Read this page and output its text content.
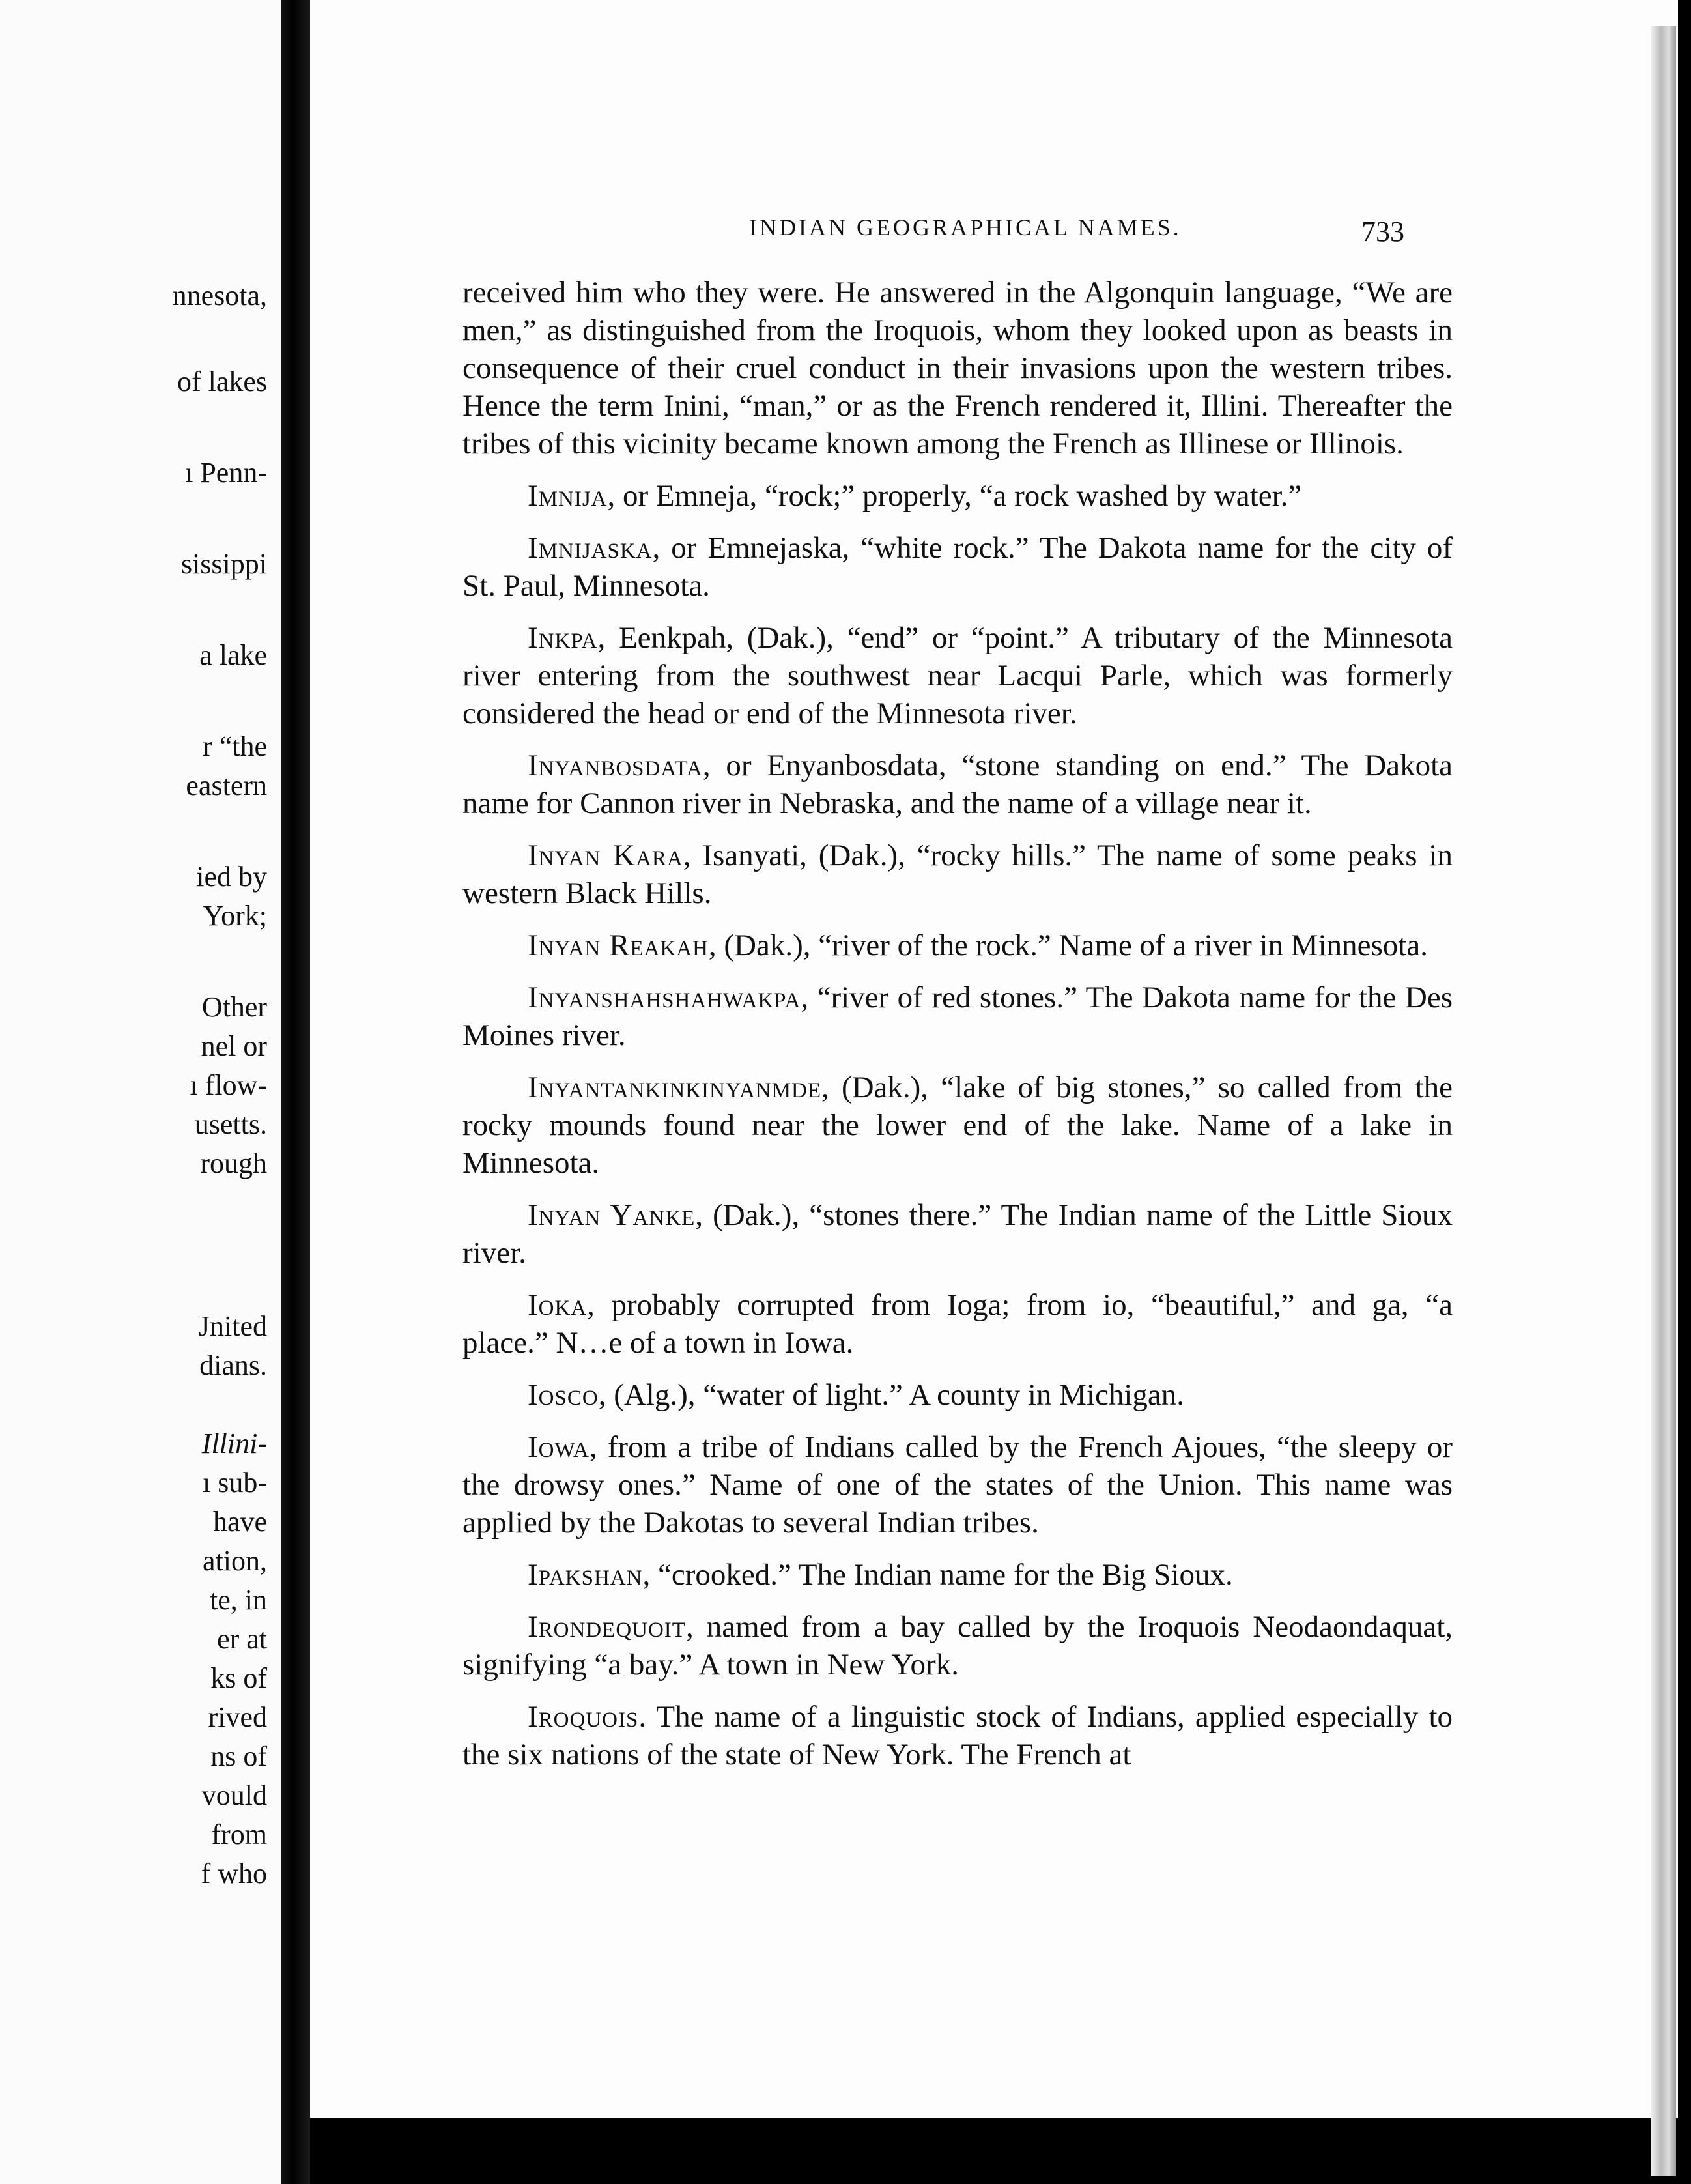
nnesota,
of lakes
ı Penn-
sissippi
a lake
r “the
eastern
ied by
York;
Other
nel or
ı flow-
usetts.
rough
Jnited
dians.
Illini-
ı sub-
have
ation,
te, in
er at
ks of
rived
ns of
vould
from
f who
INDIAN GEOGRAPHICAL NAMES.	733

received him who they were. He answered in the Algonquin language, “We are men,” as distinguished from the Iroquois, whom they looked upon as beasts in consequence of their cruel conduct in their invasions upon the western tribes. Hence the term Inini, “man,” or as the French rendered it, Illini. Thereafter the tribes of this vicinity became known among the French as Illinese or Illinois.

Imnija, or Emneja, “rock;” properly, “a rock washed by water.”

Imnijaska, or Emnejaska, “white rock.” The Dakota name for the city of St. Paul, Minnesota.

Inkpa, Eenkpah, (Dak.), “end” or “point.” A tributary of the Minnesota river entering from the southwest near Lacqui Parle, which was formerly considered the head or end of the Minnesota river.

Inyanbosdata, or Enyanbosdata, “stone standing on end.” The Dakota name for Cannon river in Nebraska, and the name of a village near it.

Inyan Kara, Isanyati, (Dak.), “rocky hills.” The name of some peaks in western Black Hills.

Inyan Reakah, (Dak.), “river of the rock.” Name of a river in Minnesota.

Inyanshahshahwakpa, “river of red stones.” The Dakota name for the Des Moines river.

Inyantankinkinyanmde, (Dak.), “lake of big stones,” so called from the rocky mounds found near the lower end of the lake. Name of a lake in Minnesota.

Inyan Yanke, (Dak.), “stones there.” The Indian name of the Little Sioux river.

Ioka, probably corrupted from Ioga; from io, “beautiful,” and ga, “a place.” N…e of a town in Iowa.

Iosco, (Alg.), “water of light.” A county in Michigan.

Iowa, from a tribe of Indians called by the French Ajoues, “the sleepy or the drowsy ones.” Name of one of the states of the Union. This name was applied by the Dakotas to several Indian tribes.

Ipakshan, “crooked.” The Indian name for the Big Sioux.

Irondequoit, named from a bay called by the Iroquois Neodaondaquat, signifying “a bay.” A town in New York.

Iroquois. The name of a linguistic stock of Indians, applied especially to the six nations of the state of New York. The French at
